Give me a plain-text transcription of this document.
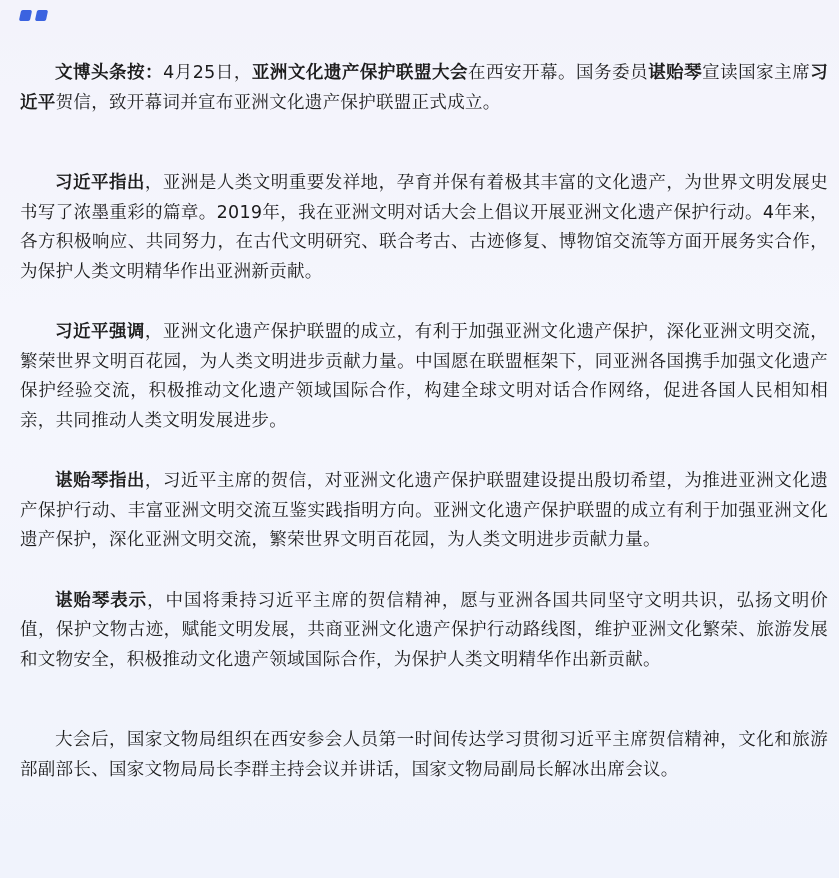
文博头条按：4月25日，亚洲文化遗产保护联盟大会在西安开幕。国务委员谌贻琴宣读国家主席习近平贺信，致开幕词并宣布亚洲文化遗产保护联盟正式成立。

习近平指出，亚洲是人类文明重要发祥地，孕育并保有着极其丰富的文化遗产，为世界文明发展史书写了浓墨重彩的篇章。2019年，我在亚洲文明对话大会上倡议开展亚洲文化遗产保护行动。4年来，各方积极响应、共同努力，在古代文明研究、联合考古、古迹修复、博物馆交流等方面开展务实合作，为保护人类文明精华作出亚洲新贡献。

习近平强调，亚洲文化遗产保护联盟的成立，有利于加强亚洲文化遗产保护，深化亚洲文明交流，繁荣世界文明百花园，为人类文明进步贡献力量。中国愿在联盟框架下，同亚洲各国携手加强文化遗产保护经验交流，积极推动文化遗产领域国际合作，构建全球文明对话合作网络，促进各国人民相知相亲，共同推动人类文明发展进步。

谌贻琴指出，习近平主席的贺信，对亚洲文化遗产保护联盟建设提出殷切希望，为推进亚洲文化遗产保护行动、丰富亚洲文明交流互鉴实践指明方向。亚洲文化遗产保护联盟的成立有利于加强亚洲文化遗产保护，深化亚洲文明交流，繁荣世界文明百花园，为人类文明进步贡献力量。

谌贻琴表示，中国将秉持习近平主席的贺信精神，愿与亚洲各国共同坚守文明共识，弘扬文明价值，保护文物古迹，赋能文明发展，共商亚洲文化遗产保护行动路线图，维护亚洲文化繁荣、旅游发展和文物安全，积极推动文化遗产领域国际合作，为保护人类文明精华作出新贡献。

大会后，国家文物局组织在西安参会人员第一时间传达学习贯彻习近平主席贺信精神，文化和旅游部副部长、国家文物局局长李群主持会议并讲话，国家文物局副局长解冰出席会议。
